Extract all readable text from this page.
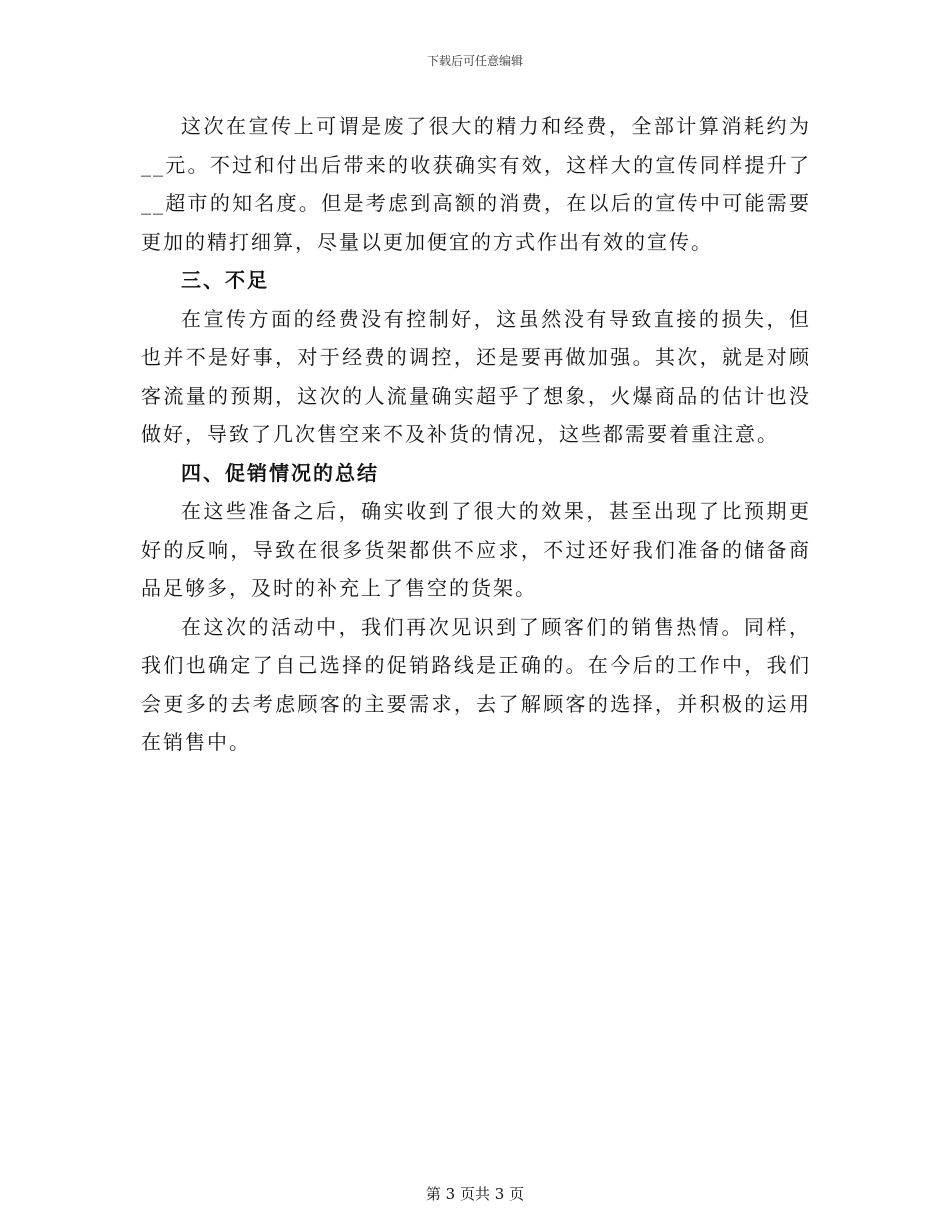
下载后可任意编辑

这次在宣传上可谓是废了很大的精力和经费，全部计算消耗约为__元。不过和付出后带来的收获确实有效，这样大的宣传同样提升了__超市的知名度。但是考虑到高额的消费，在以后的宣传中可能需要更加的精打细算，尽量以更加便宜的方式作出有效的宣传。

三、不足

在宣传方面的经费没有控制好，这虽然没有导致直接的损失，但也并不是好事，对于经费的调控，还是要再做加强。其次，就是对顾客流量的预期，这次的人流量确实超乎了想象，火爆商品的估计也没做好，导致了几次售空来不及补货的情况，这些都需要着重注意。

四、促销情况的总结

在这些准备之后，确实收到了很大的效果，甚至出现了比预期更好的反响，导致在很多货架都供不应求，不过还好我们准备的储备商品足够多，及时的补充上了售空的货架。

在这次的活动中，我们再次见识到了顾客们的销售热情。同样，我们也确定了自己选择的促销路线是正确的。在今后的工作中，我们会更多的去考虑顾客的主要需求，去了解顾客的选择，并积极的运用在销售中。

第 3 页共 3 页
